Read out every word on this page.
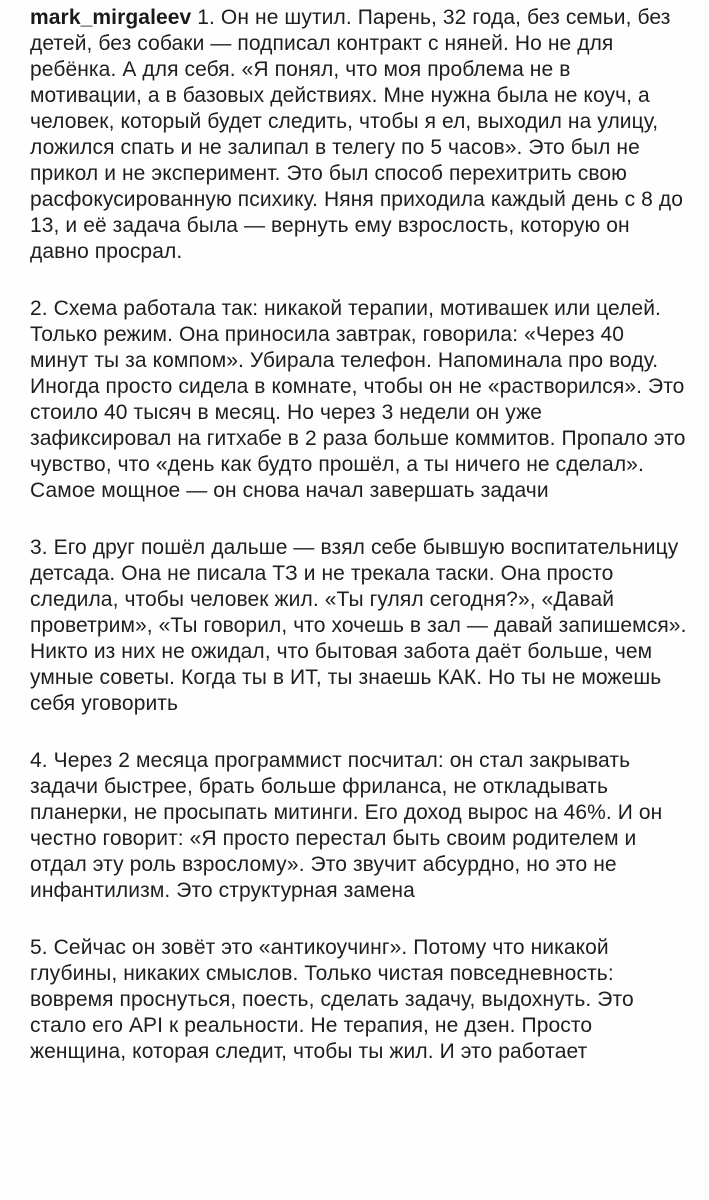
mark_mirgaleev 1. Он не шутил. Парень, 32 года, без семьи, без детей, без собаки — подписал контракт с няней. Но не для ребёнка. А для себя. «Я понял, что моя проблема не в мотивации, а в базовых действиях. Мне нужна была не коуч, а человек, который будет следить, чтобы я ел, выходил на улицу, ложился спать и не залипал в телегу по 5 часов». Это был не прикол и не эксперимент. Это был способ перехитрить свою расфокусированную психику. Няня приходила каждый день с 8 до 13, и её задача была — вернуть ему взрослость, которую он давно просрал.

2. Схема работала так: никакой терапии, мотивашек или целей. Только режим. Она приносила завтрак, говорила: «Через 40 минут ты за компом». Убирала телефон. Напоминала про воду. Иногда просто сидела в комнате, чтобы он не «растворился». Это стоило 40 тысяч в месяц. Но через 3 недели он уже зафиксировал на гитхабе в 2 раза больше коммитов. Пропало это чувство, что «день как будто прошёл, а ты ничего не сделал». Самое мощное — он снова начал завершать задачи

3. Его друг пошёл дальше — взял себе бывшую воспитательницу детсада. Она не писала ТЗ и не трекала таски. Она просто следила, чтобы человек жил. «Ты гулял сегодня?», «Давай проветрим», «Ты говорил, что хочешь в зал — давай запишемся». Никто из них не ожидал, что бытовая забота даёт больше, чем умные советы. Когда ты в ИТ, ты знаешь КАК. Но ты не можешь себя уговорить

4. Через 2 месяца программист посчитал: он стал закрывать задачи быстрее, брать больше фриланса, не откладывать планерки, не просыпать митинги. Его доход вырос на 46%. И он честно говорит: «Я просто перестал быть своим родителем и отдал эту роль взрослому». Это звучит абсурдно, но это не инфантилизм. Это структурная замена

5. Сейчас он зовёт это «антикоучинг». Потому что никакой глубины, никаких смыслов. Только чистая повседневность: вовремя проснуться, поесть, сделать задачу, выдохнуть. Это стало его API к реальности. Не терапия, не дзен. Просто женщина, которая следит, чтобы ты жил. И это работает
